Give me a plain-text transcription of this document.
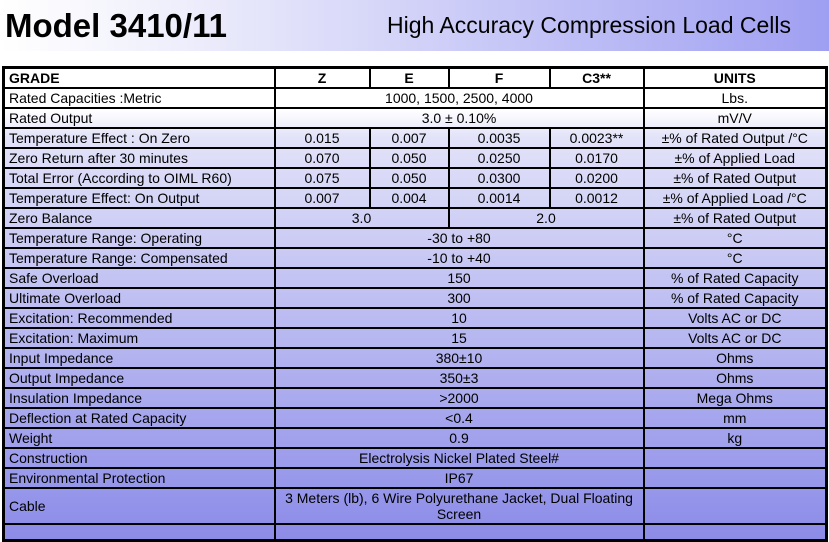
Model 3410/11	High Accuracy Compression Load Cells
GRADE	Z	E	F	C3**	UNITS
Rated Capacities :Metric	1000, 1500, 2500, 4000				Lbs.
Rated Output	3.0 ± 0.10%				mV/V
Temperature Effect : On Zero	0.015	0.007	0.0035	0.0023**	±% of Rated Output /°C
Zero Return after 30 minutes	0.070	0.050	0.0250	0.0170	±% of Applied Load
Total Error (According to OIML R60)	0.075	0.050	0.0300	0.0200	±% of Rated Output
Temperature Effect: On Output	0.007	0.004	0.0014	0.0012	±% of Applied Load /°C
Zero Balance	3.0		2.0		±% of Rated Output
Temperature Range: Operating	-30 to +80				°C
Temperature Range: Compensated	-10 to +40				°C
Safe Overload	150				% of Rated Capacity
Ultimate Overload	300				% of Rated Capacity
Excitation: Recommended	10				Volts AC or DC
Excitation: Maximum	15				Volts AC or DC
Input Impedance	380±10				Ohms
Output Impedance	350±3				Ohms
Insulation Impedance	>2000				Mega Ohms
Deflection at Rated Capacity	<0.4				mm
Weight	0.9				kg
Construction	Electrolysis Nickel Plated Steel#				
Environmental Protection	IP67				
Cable	3 Meters (lb), 6 Wire Polyurethane Jacket, Dual Floating Screen				
